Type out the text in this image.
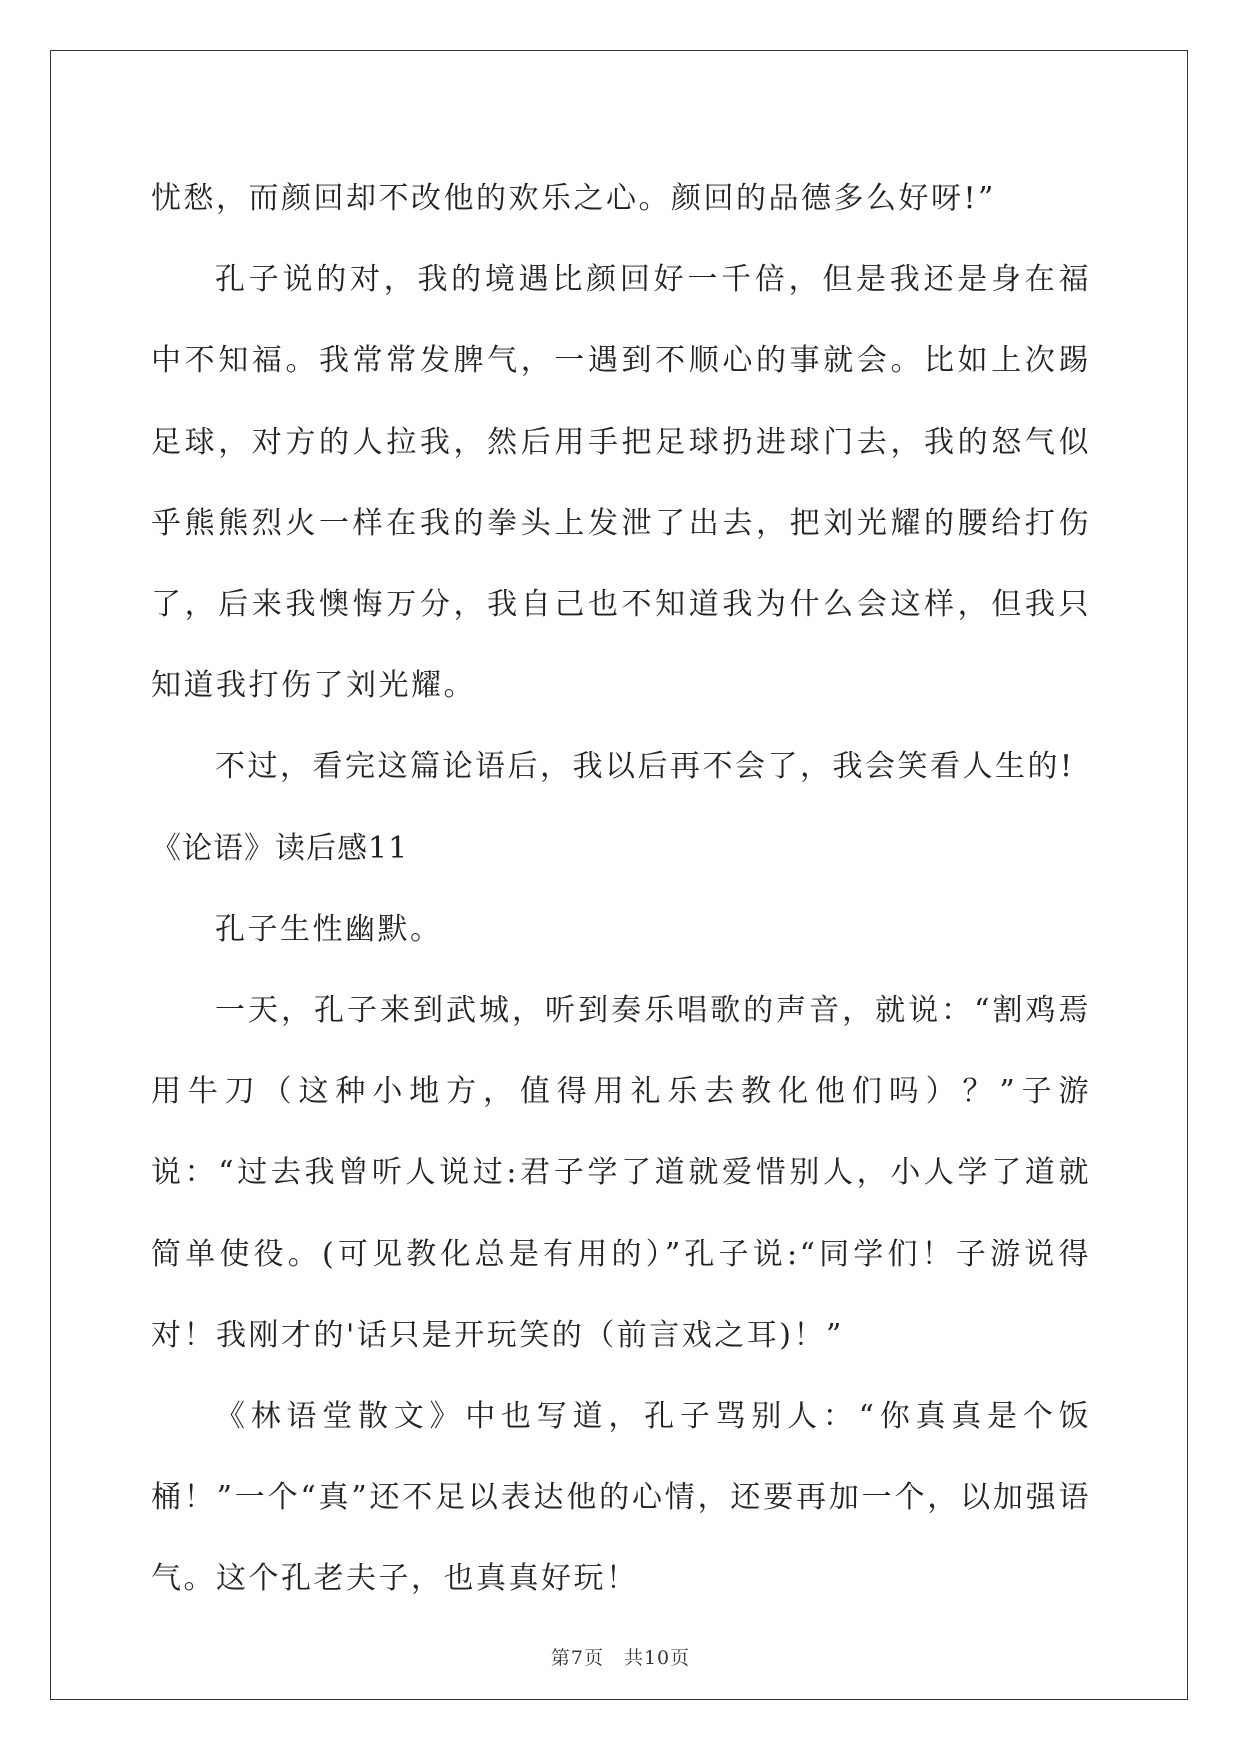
忧愁，而颜回却不改他的欢乐之心。颜回的品德多么好呀!”

孔子说的对，我的境遇比颜回好一千倍，但是我还是身在福中不知福。我常常发脾气，一遇到不顺心的事就会。比如上次踢足球，对方的人拉我，然后用手把足球扔进球门去，我的怒气似乎熊熊烈火一样在我的拳头上发泄了出去，把刘光耀的腰给打伤了，后来我懊悔万分，我自己也不知道我为什么会这样，但我只知道我打伤了刘光耀。

不过，看完这篇论语后，我以后再不会了，我会笑看人生的!

《论语》读后感11

孔子生性幽默。

一天，孔子来到武城，听到奏乐唱歌的声音，就说：“割鸡焉用牛刀（这种小地方，值得用礼乐去教化他们吗）？”子游说：“过去我曾听人说过:君子学了道就爱惜别人，小人学了道就简单使役。(可见教化总是有用的）”孔子说:“同学们！子游说得对！我刚才的'话只是开玩笑的（前言戏之耳)！”

《林语堂散文》中也写道，孔子骂别人：“你真真是个饭桶！”一个“真”还不足以表达他的心情，还要再加一个，以加强语气。这个孔老夫子，也真真好玩！

第7页　共10页
